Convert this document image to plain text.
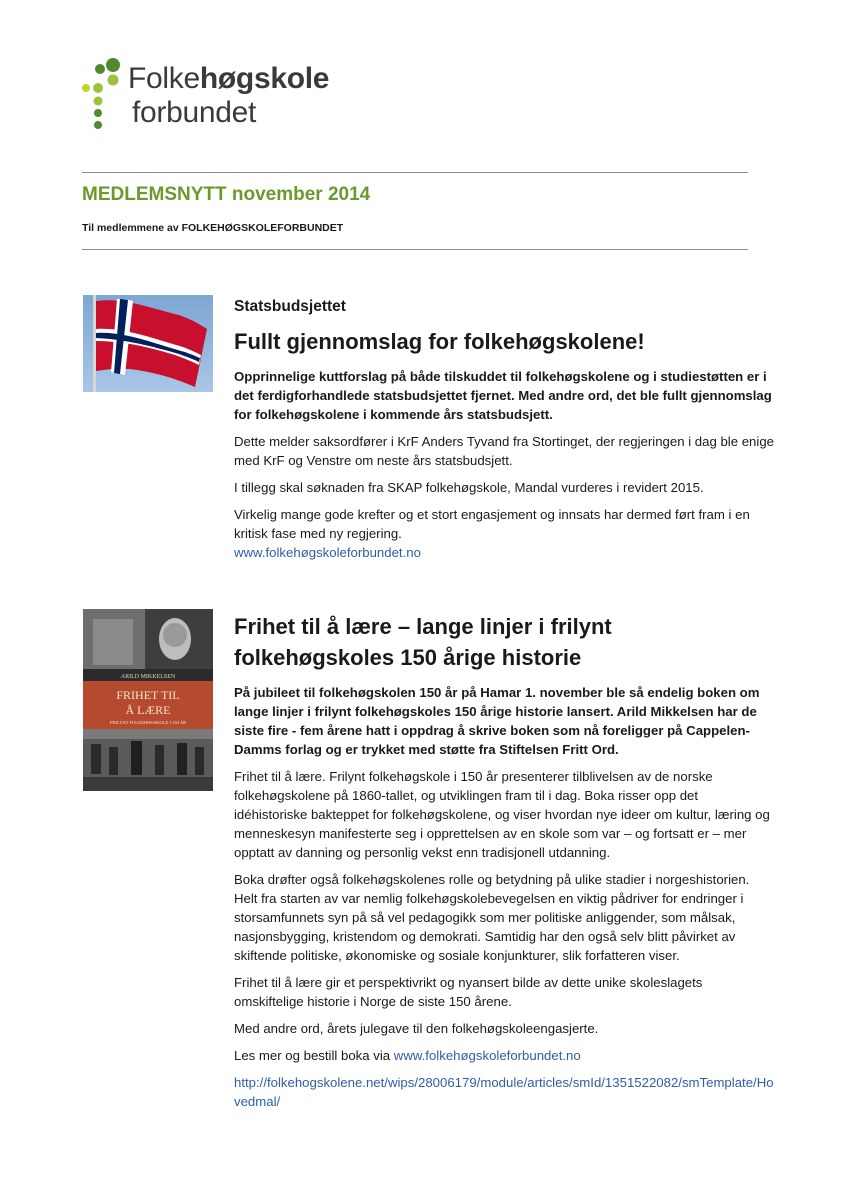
Folkehøgskole
forbundet
MEDLEMSNYTT november 2014

Til medlemmene av FOLKEHØGSKOLEFORBUNDET

Statsbudsjettet

Fullt gjennomslag for folkehøgskolene!

Opprinnelige kuttforslag på både tilskuddet til folkehøgskolene og i studiestøtten er i det ferdigforhandlede statsbudsjettet fjernet. Med andre ord, det ble fullt gjennomslag for folkehøgskolene i kommende års statsbudsjett.

Dette melder saksordfører i KrF Anders Tyvand fra Stortinget, der regjeringen i dag ble enige med KrF og Venstre om neste års statsbudsjett.

I tillegg skal søknaden fra SKAP folkehøgskole, Mandal vurderes i revidert 2015.

Virkelig mange gode krefter og et stort engasjement og innsats har dermed ført fram i en kritisk fase med ny regjering.

www.folkehøgskoleforbundet.no

ARILD MIKKELSEN
FRIHET TIL
Å LÆRE
FRILYNT FOLKEHØGSKOLE I 150 ÅR

Frihet til å lære – lange linjer i frilynt folkehøgskoles 150 årige historie

På jubileet til folkehøgskolen 150 år på Hamar 1. november ble så endelig boken om lange linjer i frilynt folkehøgskoles 150 årige historie lansert. Arild Mikkelsen har de siste fire - fem årene hatt i oppdrag å skrive boken som nå foreligger på Cappelen-Damms forlag og er trykket med støtte fra Stiftelsen Fritt Ord.

Frihet til å lære. Frilynt folkehøgskole i 150 år presenterer tilblivelsen av de norske folkehøgskolene på 1860-tallet, og utviklingen fram til i dag. Boka risser opp det idéhistoriske bakteppet for folkehøgskolene, og viser hvordan nye ideer om kultur, læring og menneskesyn manifesterte seg i opprettelsen av en skole som var – og fortsatt er – mer opptatt av danning og personlig vekst enn tradisjonell utdanning.

Boka drøfter også folkehøgskolenes rolle og betydning på ulike stadier i norgeshistorien. Helt fra starten av var nemlig folkehøgskolebevegelsen en viktig pådriver for endringer i storsamfunnets syn på så vel pedagogikk som mer politiske anliggender, som målsak, nasjonsbygging, kristendom og demokrati. Samtidig har den også selv blitt påvirket av skiftende politiske, økonomiske og sosiale konjunkturer, slik forfatteren viser.

Frihet til å lære gir et perspektivrikt og nyansert bilde av dette unike skoleslagets omskiftelige historie i Norge de siste 150 årene.

Med andre ord, årets julegave til den folkehøgskoleengasjerte.

Les mer og bestill boka via www.folkehøgskoleforbundet.no

http://folkehogskolene.net/wips/28006179/module/articles/smId/1351522082/smTemplate/Hovedmal/
